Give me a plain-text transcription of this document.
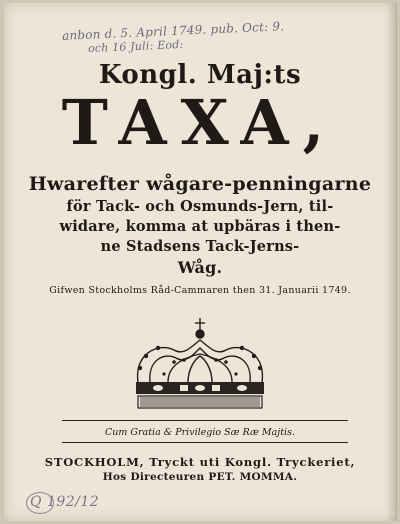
anbon d. 5. April 1749. pub. Oct: 9.
och 16 Juli: Eod:
Kongl. Maj:ts
TAXA,
Hwarefter wågare-penningarne
för Tack- och Osmunds-Jern, til-
widare, komma at upbäras i then-
ne Stadsens Tack-Jerns-
Wåg.
Gifwen Stockholms Råd-Cammaren then 31. Januarii 1749.
Cum Gratia & Privilegio Sæ Ræ Majtis.
STOCKHOLM, Tryckt uti Kongl. Tryckeriet,
Hos Directeuren PET. MOMMA.
Q 192/12
